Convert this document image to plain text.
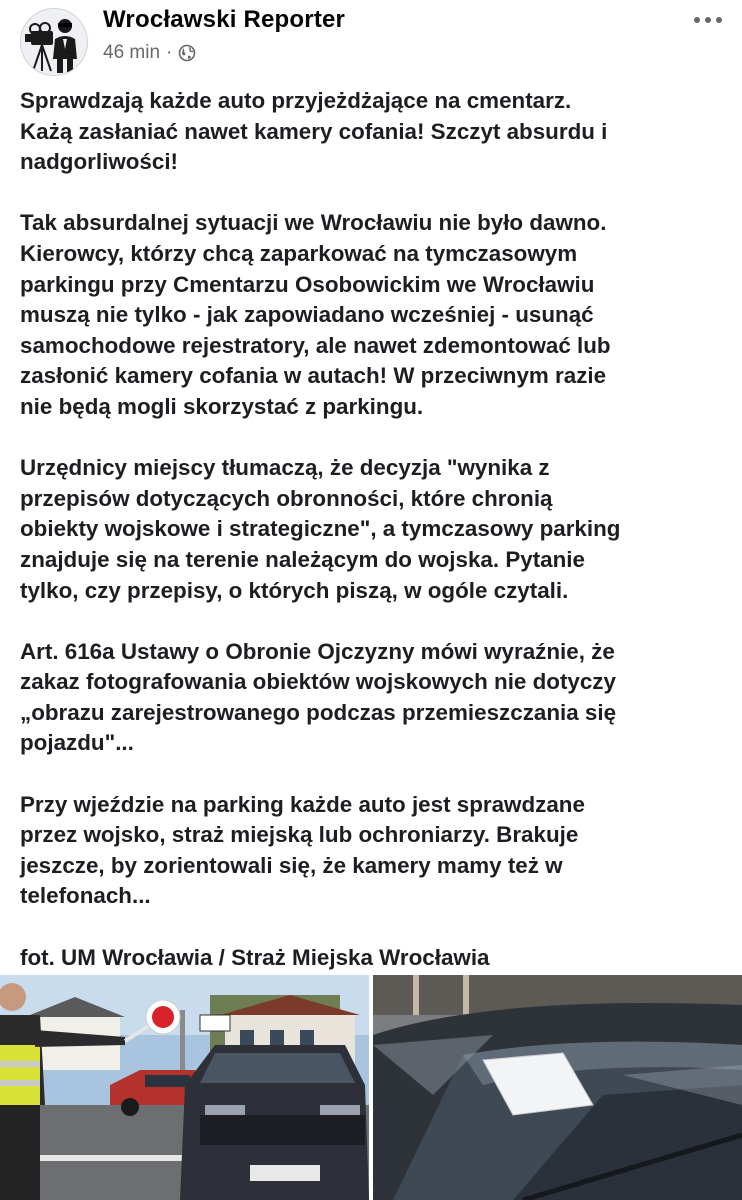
Wrocławski Reporter
46 min ·

Sprawdzają każde auto przyjeżdżające na cmentarz.
Każą zasłaniać nawet kamery cofania! Szczyt absurdu i
nadgorliwości!

Tak absurdalnej sytuacji we Wrocławiu nie było dawno.
Kierowcy, którzy chcą zaparkować na tymczasowym
parkingu przy Cmentarzu Osobowickim we Wrocławiu
muszą nie tylko - jak zapowiadano wcześniej - usunąć
samochodowe rejestratory, ale nawet zdemontować lub
zasłonić kamery cofania w autach! W przeciwnym razie
nie będą mogli skorzystać z parkingu.

Urzędnicy miejscy tłumaczą, że decyzja "wynika z
przepisów dotyczących obronności, które chronią
obiekty wojskowe i strategiczne", a tymczasowy parking
znajduje się na terenie należącym do wojska. Pytanie
tylko, czy przepisy, o których piszą, w ogóle czytali.

Art. 616a Ustawy o Obronie Ojczyzny mówi wyraźnie, że
zakaz fotografowania obiektów wojskowych nie dotyczy
„obrazu zarejestrowanego podczas przemieszczania się
pojazdu"...

Przy wjeździe na parking każde auto jest sprawdzane
przez wojsko, straż miejską lub ochroniarzy. Brakuje
jeszcze, by zorientowali się, że kamery mamy też w
telefonach...

fot. UM Wrocławia / Straż Miejska Wrocławia
